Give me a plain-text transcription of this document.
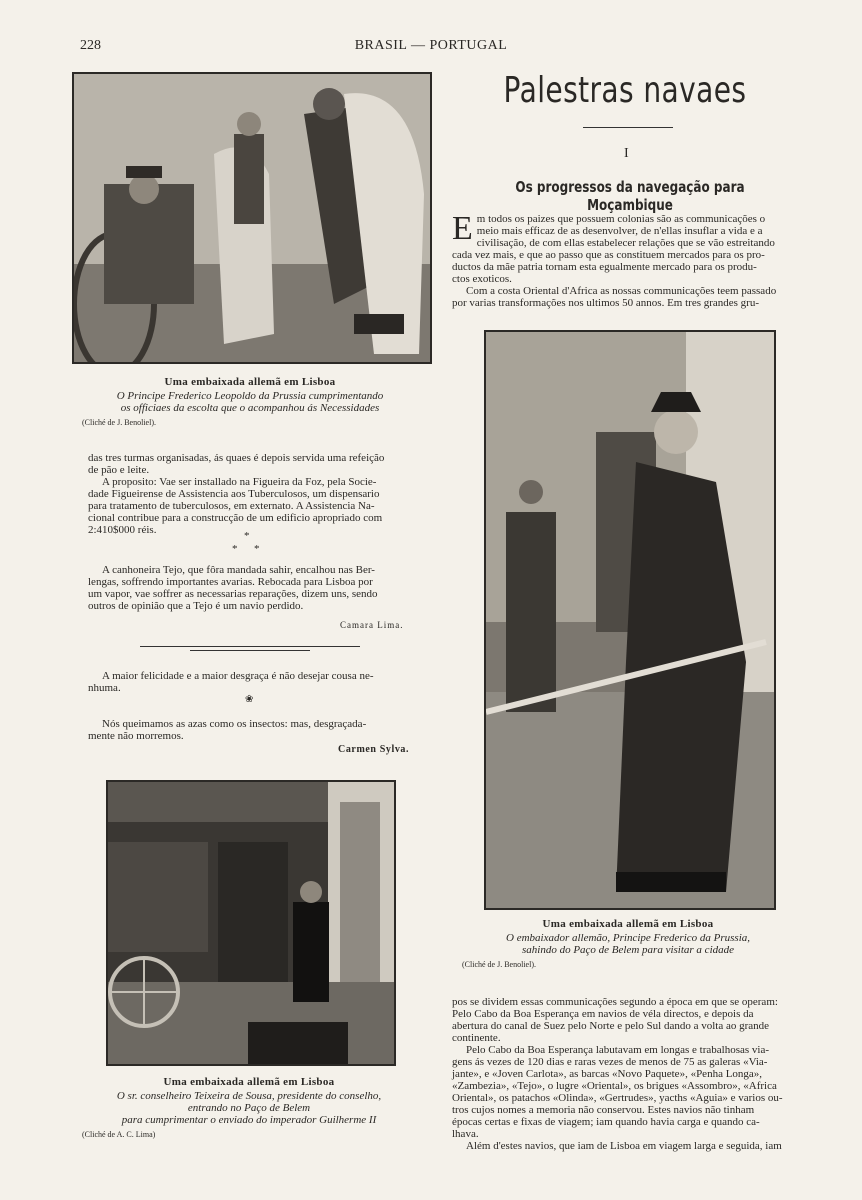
228	BRASIL — PORTUGAL
Uma embaixada allemã em Lisboa
O Principe Frederico Leopoldo da Prussia cumprimentando
os officiaes da escolta que o acompanhou ás Necessidades
(Cliché de J. Benoliel).
das tres turmas organisadas, ás quaes é depois servida uma refeição
de pão e leite.
A proposito: Vae ser installado na Figueira da Foz, pela Socie-
dade Figueirense de Assistencia aos Tuberculosos, um dispensario
para tratamento de tuberculosos, em externato. A Assistencia Na-
cional contribue para a construcção de um edificio apropriado com
2:410$000 réis.	*
*      *
A canhoneira Tejo, que fôra mandada sahir, encalhou nas Ber-
lengas, soffrendo importantes avarias. Rebocada para Lisboa por
um vapor, vae soffrer as necessarias reparações, dizem uns, sendo
outros de opinião que a Tejo é um navio perdido.
Camara Lima.
A maior felicidade e a maior desgraça é não desejar cousa ne-
nhuma.
❀
Nós queimamos as azas como os insectos: mas, desgraçada-
mente não morremos.
Carmen Sylva.
Uma embaixada allemã em Lisboa
O sr. conselheiro Teixeira de Sousa, presidente do conselho,
entrando no Paço de Belem
para cumprimentar o enviado do imperador Guilherme II
(Cliché de A. C. Lima)
Palestras navaes
I
Os progressos da navegação para Moçambique
E m todos os paizes que possuem colonias são as communicações o
meio mais efficaz de as desenvolver, de n'ellas insuflar a vida e a
civilisação, de com ellas estabelecer relações que se vão estreitando
cada vez mais, e que ao passo que as constituem mercados para os pro-
ductos da mãe patria tornam esta egualmente mercado para os produ-
ctos exoticos.
Com a costa Oriental d'Africa as nossas communicações teem passado
por varias transformações nos ultimos 50 annos. Em tres grandes gru-
Uma embaixada allemã em Lisboa
O embaixador allemão, Principe Frederico da Prussia,
sahindo do Paço de Belem para visitar a cidade
(Cliché de J. Benoliel).
pos se dividem essas communicações segundo a época em que se operam:
Pelo Cabo da Boa Esperança em navios de véla directos, e depois da
abertura do canal de Suez pelo Norte e pelo Sul dando a volta ao grande
continente.
Pelo Cabo da Boa Esperança labutavam em longas e trabalhosas via-
gens ás vezes de 120 dias e raras vezes de menos de 75 as galeras «Via-
jante», e «Joven Carlota», as barcas «Novo Paquete», «Penha Longa»,
«Zambezia», «Tejo», o lugre «Oriental», os brigues «Assombro», «Africa
Oriental», os patachos «Olinda», «Gertrudes», yacths «Aguia» e varios ou-
tros cujos nomes a memoria não conservou. Estes navios não tinham
épocas certas e fixas de viagem; iam quando havia carga e quando ca-
lhava.
Além d'estes navios, que iam de Lisboa em viagem larga e seguida, iam
